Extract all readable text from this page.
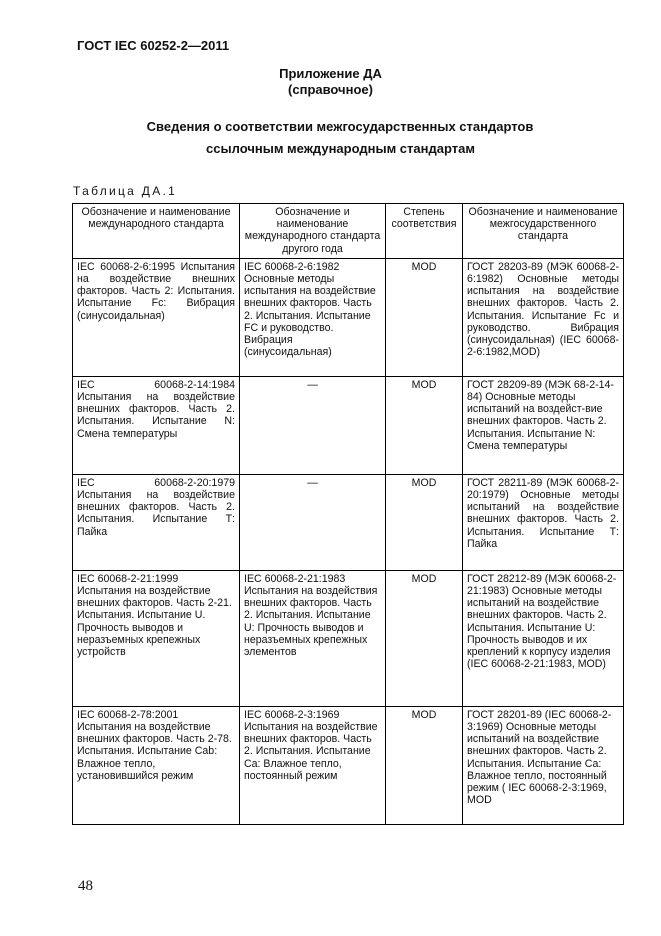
ГОСТ IEC 60252-2—2011
Приложение ДА
(справочное)
Сведения о соответствии межгосударственных стандартов
ссылочным международным стандартам
Таблица ДА.1
Обозначение и наименование международного стандарта	Обозначение и наименование международного стандарта другого года	Степень соответствия	Обозначение и наименование межгосударственного стандарта
IEC 60068-2-6:1995 Испытания на воздействие внешних факторов. Часть 2: Испытания. Испытание Fc: Вибрация (синусоидальная)	IEC 60068-2-6:1982 Основные методы испытания на воздействие внешних факторов. Часть 2. Испытания. Испытание FC и руководство. Вибрация (синусоидальная)	MOD	ГОСТ 28203-89 (МЭК 60068-2-6:1982) Основные методы испытания на воздействие внешних факторов. Часть 2. Испытания. Испытание Fc и руководство. Вибрация (синусоидальная) (IEC 60068-2-6:1982,MOD)
IEC 60068-2-14:1984 Испытания на воздействие внешних факторов. Часть 2. Испытания. Испытание N: Смена температуры	—	MOD	ГОСТ 28209-89 (МЭК 68-2-14-84) Основные методы испытаний на воздейст-вие внешних факторов. Часть 2. Испытания. Испытание N: Смена температуры
IEC 60068-2-20:1979 Испытания на воздействие внешних факторов. Часть 2. Испытания. Испытание Т: Пайка	—	MOD	ГОСТ 28211-89 (МЭК 60068-2-20:1979) Основные методы испытаний на воздействие внешних факторов. Часть 2. Испытания. Испытание Т: Пайка
IEC 60068-2-21:1999 Испытания на воздействие внешних факторов. Часть 2-21. Испытания. Испытание U. Прочность выводов и неразъемных крепежных устройств	IEC 60068-2-21:1983 Испытания на воздействия внешних факторов. Часть 2. Испытания. Испытание U: Прочность выводов и неразъемных крепежных элементов	MOD	ГОСТ 28212-89 (МЭК 60068-2-21:1983) Основные методы испытаний на воздействие внешних факторов. Часть 2. Испытания. Испытание U: Прочность выводов и их креплений к корпусу изделия (IEC 60068-2-21:1983, MOD)
IEC 60068-2-78:2001 Испытания на воздействие внешних факторов. Часть 2-78. Испытания. Испытание Cab: Влажное тепло, установившийся режим	IEC 60068-2-3:1969 Испытания на воздействие внешних факторов. Часть 2. Испытания. Испытание Ca: Влажное тепло, постоянный режим	MOD	ГОСТ 28201-89 (IEC 60068-2-3:1969) Основные методы испытаний на воздействие внешних факторов. Часть 2. Испытания. Испытание Са: Влажное тепло, постоянный режим ( IEC 60068-2-3:1969, MOD
48
